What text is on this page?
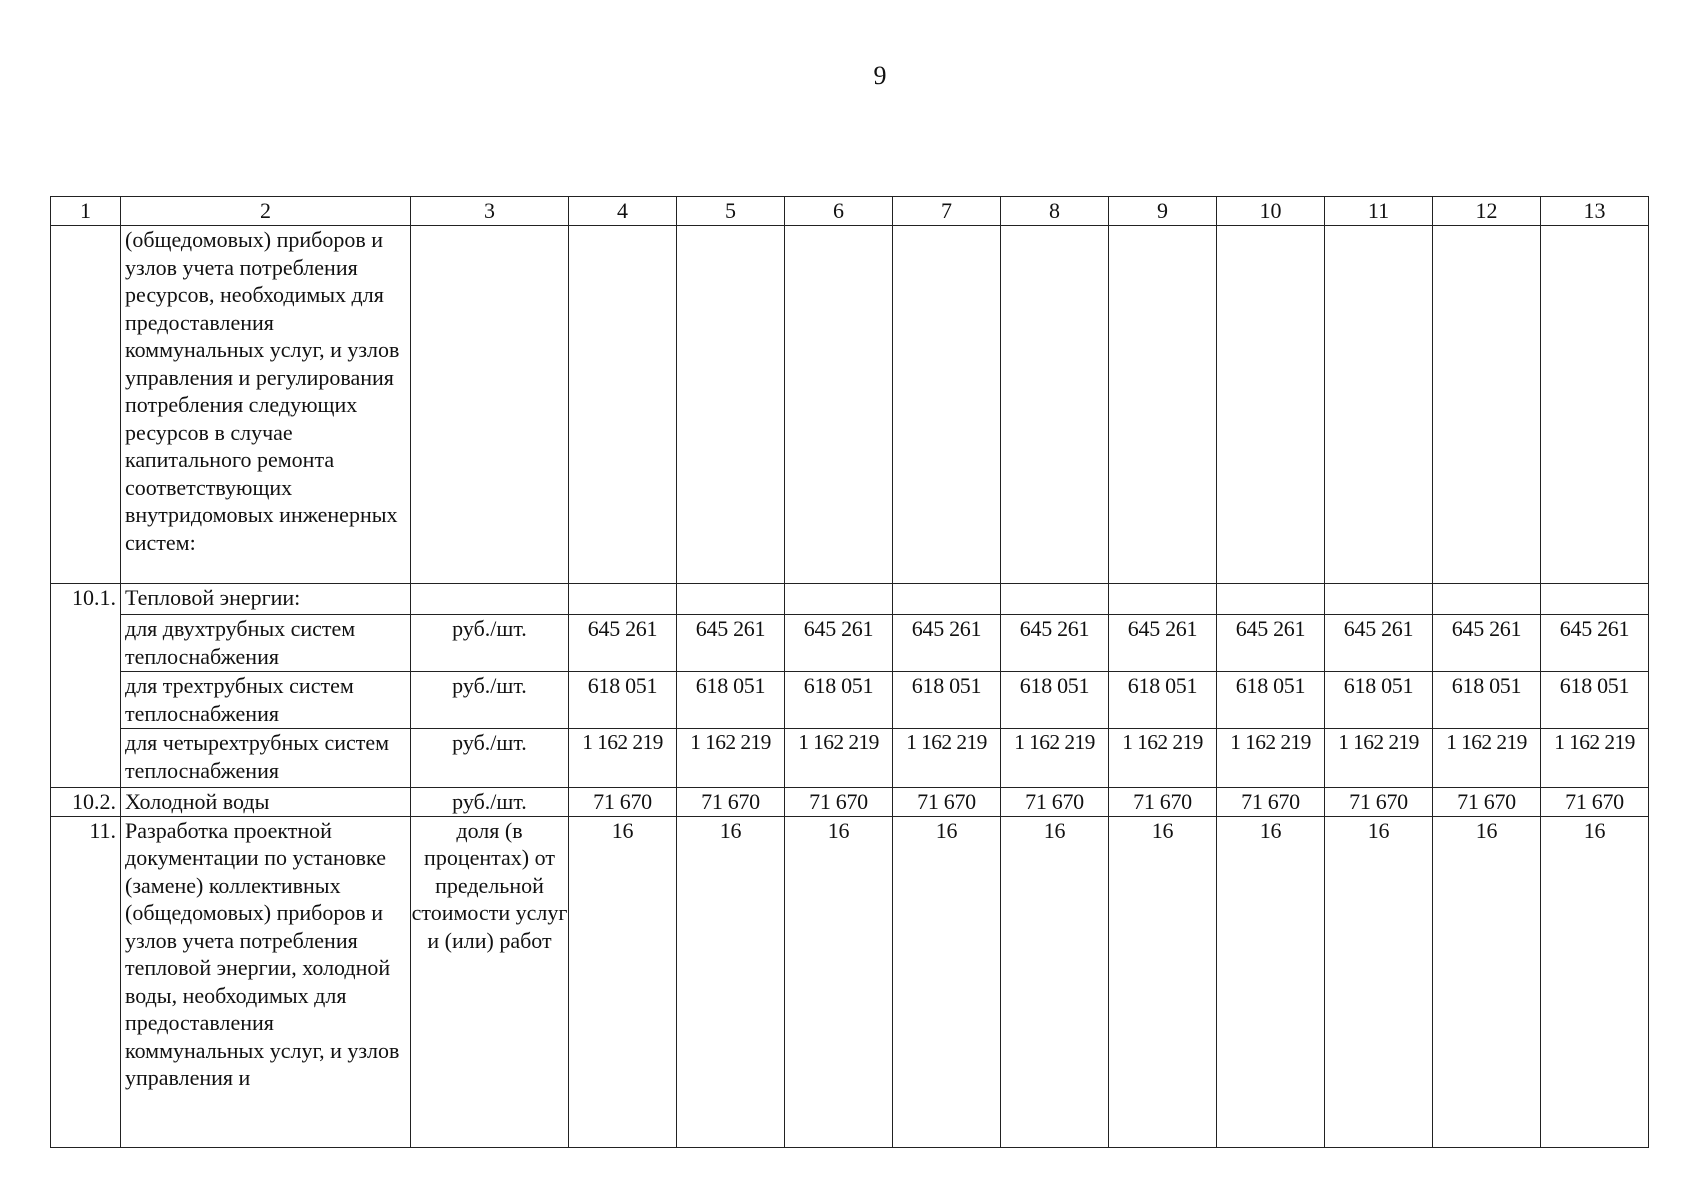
9
1	2	3	4	5	6	7	8	9	10	11	12	13
	(общедомовых) приборов и узлов учета потребления ресурсов, необходимых для предоставления коммунальных услуг, и узлов управления и регулирования потребления следующих ресурсов в случае капитального ремонта соответствующих внутридомовых инженерных систем:											
10.1.	Тепловой энергии:											
	для двухтрубных систем теплоснабжения	руб./шт.	645 261	645 261	645 261	645 261	645 261	645 261	645 261	645 261	645 261	645 261
	для трехтрубных систем теплоснабжения	руб./шт.	618 051	618 051	618 051	618 051	618 051	618 051	618 051	618 051	618 051	618 051
	для четырехтрубных систем теплоснабжения	руб./шт.	1 162 219	1 162 219	1 162 219	1 162 219	1 162 219	1 162 219	1 162 219	1 162 219	1 162 219	1 162 219
10.2.	Холодной воды	руб./шт.	71 670	71 670	71 670	71 670	71 670	71 670	71 670	71 670	71 670	71 670
11.	Разработка проектной документации по установке (замене) коллективных (общедомовых) приборов и узлов учета потребления тепловой энергии, холодной воды, необходимых для предоставления коммунальных услуг, и узлов управления и	доля (в процентах) от предельной стоимости услуг и (или) работ	16	16	16	16	16	16	16	16	16	16
